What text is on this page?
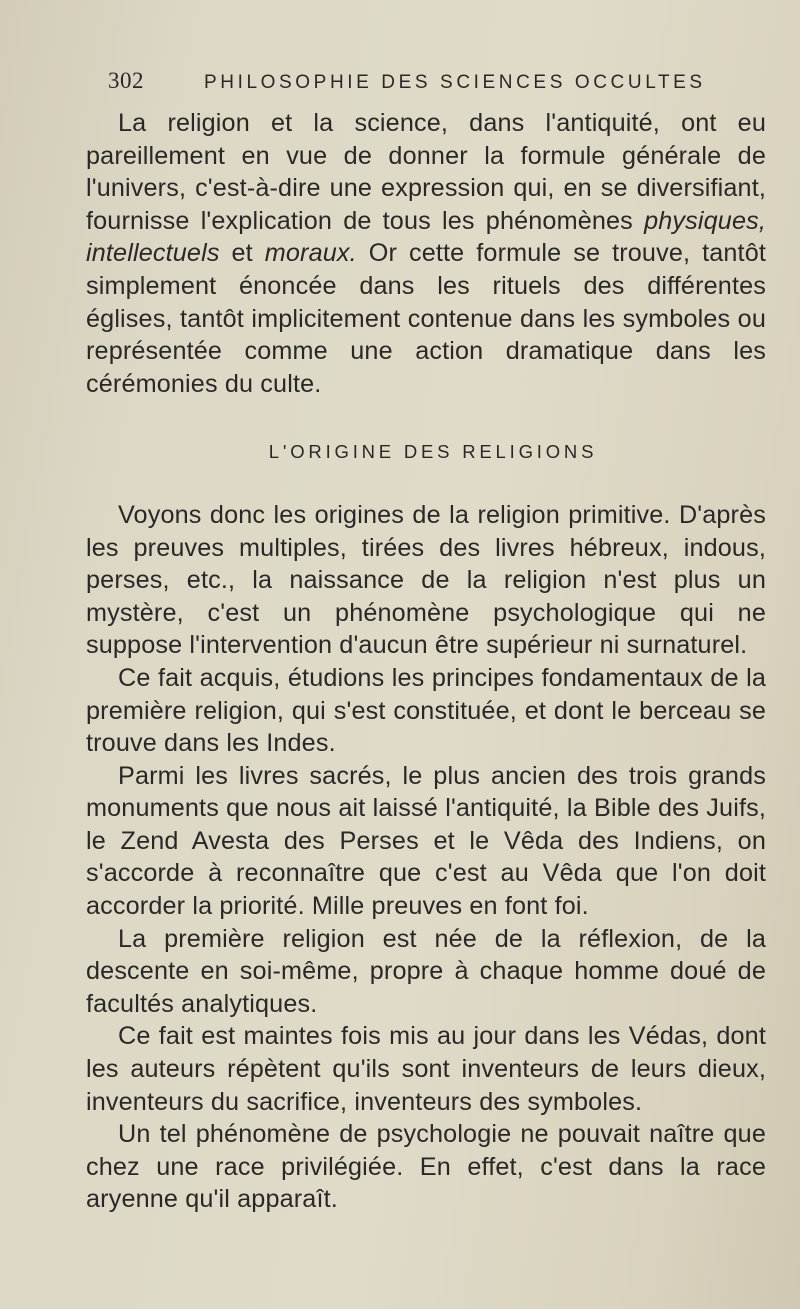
302	PHILOSOPHIE DES SCIENCES OCCULTES

La religion et la science, dans l'antiquité, ont eu pareillement en vue de donner la formule générale de l'univers, c'est-à-dire une expression qui, en se diversifiant, fournisse l'explication de tous les phénomènes physiques, intellectuels et moraux. Or cette formule se trouve, tantôt simplement énoncée dans les rituels des différentes églises, tantôt implicitement contenue dans les symboles ou représentée comme une action dramatique dans les cérémonies du culte.

L'ORIGINE DES RELIGIONS

Voyons donc les origines de la religion primitive. D'après les preuves multiples, tirées des livres hébreux, indous, perses, etc., la naissance de la religion n'est plus un mystère, c'est un phénomène psychologique qui ne suppose l'intervention d'aucun être supérieur ni surnaturel.

Ce fait acquis, étudions les principes fondamentaux de la première religion, qui s'est constituée, et dont le berceau se trouve dans les Indes.

Parmi les livres sacrés, le plus ancien des trois grands monuments que nous ait laissé l'antiquité, la Bible des Juifs, le Zend Avesta des Perses et le Vêda des Indiens, on s'accorde à reconnaître que c'est au Vêda que l'on doit accorder la priorité. Mille preuves en font foi.

La première religion est née de la réflexion, de la descente en soi-même, propre à chaque homme doué de facultés analytiques.

Ce fait est maintes fois mis au jour dans les Védas, dont les auteurs répètent qu'ils sont inventeurs de leurs dieux, inventeurs du sacrifice, inventeurs des symboles.

Un tel phénomène de psychologie ne pouvait naître que chez une race privilégiée. En effet, c'est dans la race aryenne qu'il apparaît.
